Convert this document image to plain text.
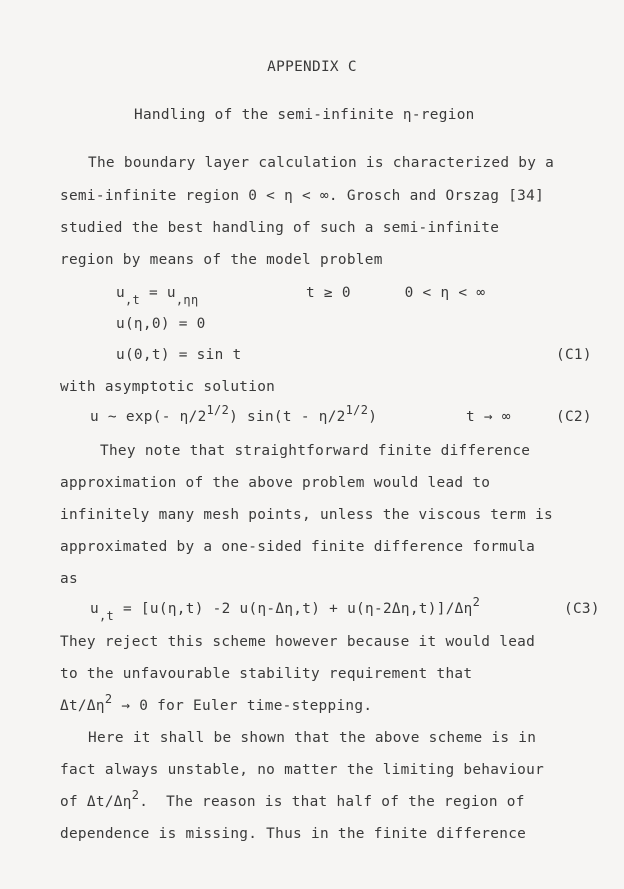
APPENDIX C
Handling of the semi-infinite η-region
The boundary layer calculation is characterized by a
semi-infinite region 0 < η < ∞. Grosch and Orszag [34]
studied the best handling of such a semi-infinite
region by means of the model problem
$u_{,t} = u_{,\eta\eta}$	t ≥ 0      0 < η < ∞
u(η,0) = 0
u(0,t) = sin t	(C1)
with asymptotic solution
u ~ exp(- $\eta/2^{1/2}$) $\sin(t - \eta/2^{1/2})$	t → ∞	(C2)
They note that straightforward finite difference
approximation of the above problem would lead to
infinitely many mesh points, unless the viscous term is
approximated by a one-sided finite difference formula
as
$u_{,t} = [u(\eta,t)$ -2 $u(\eta-\Delta\eta,t) + u(\eta-2\Delta\eta,t)]/\Delta\eta^2$	(C3)
They reject this scheme however because it would lead
to the unfavourable stability requirement that
$\Delta t/\Delta\eta^2 \to 0$ for Euler time-stepping.
Here it shall be shown that the above scheme is in
fact always unstable, no matter the limiting behaviour
of $\Delta t/\Delta\eta^2$.  The reason is that half of the region of
dependence is missing. Thus in the finite difference
